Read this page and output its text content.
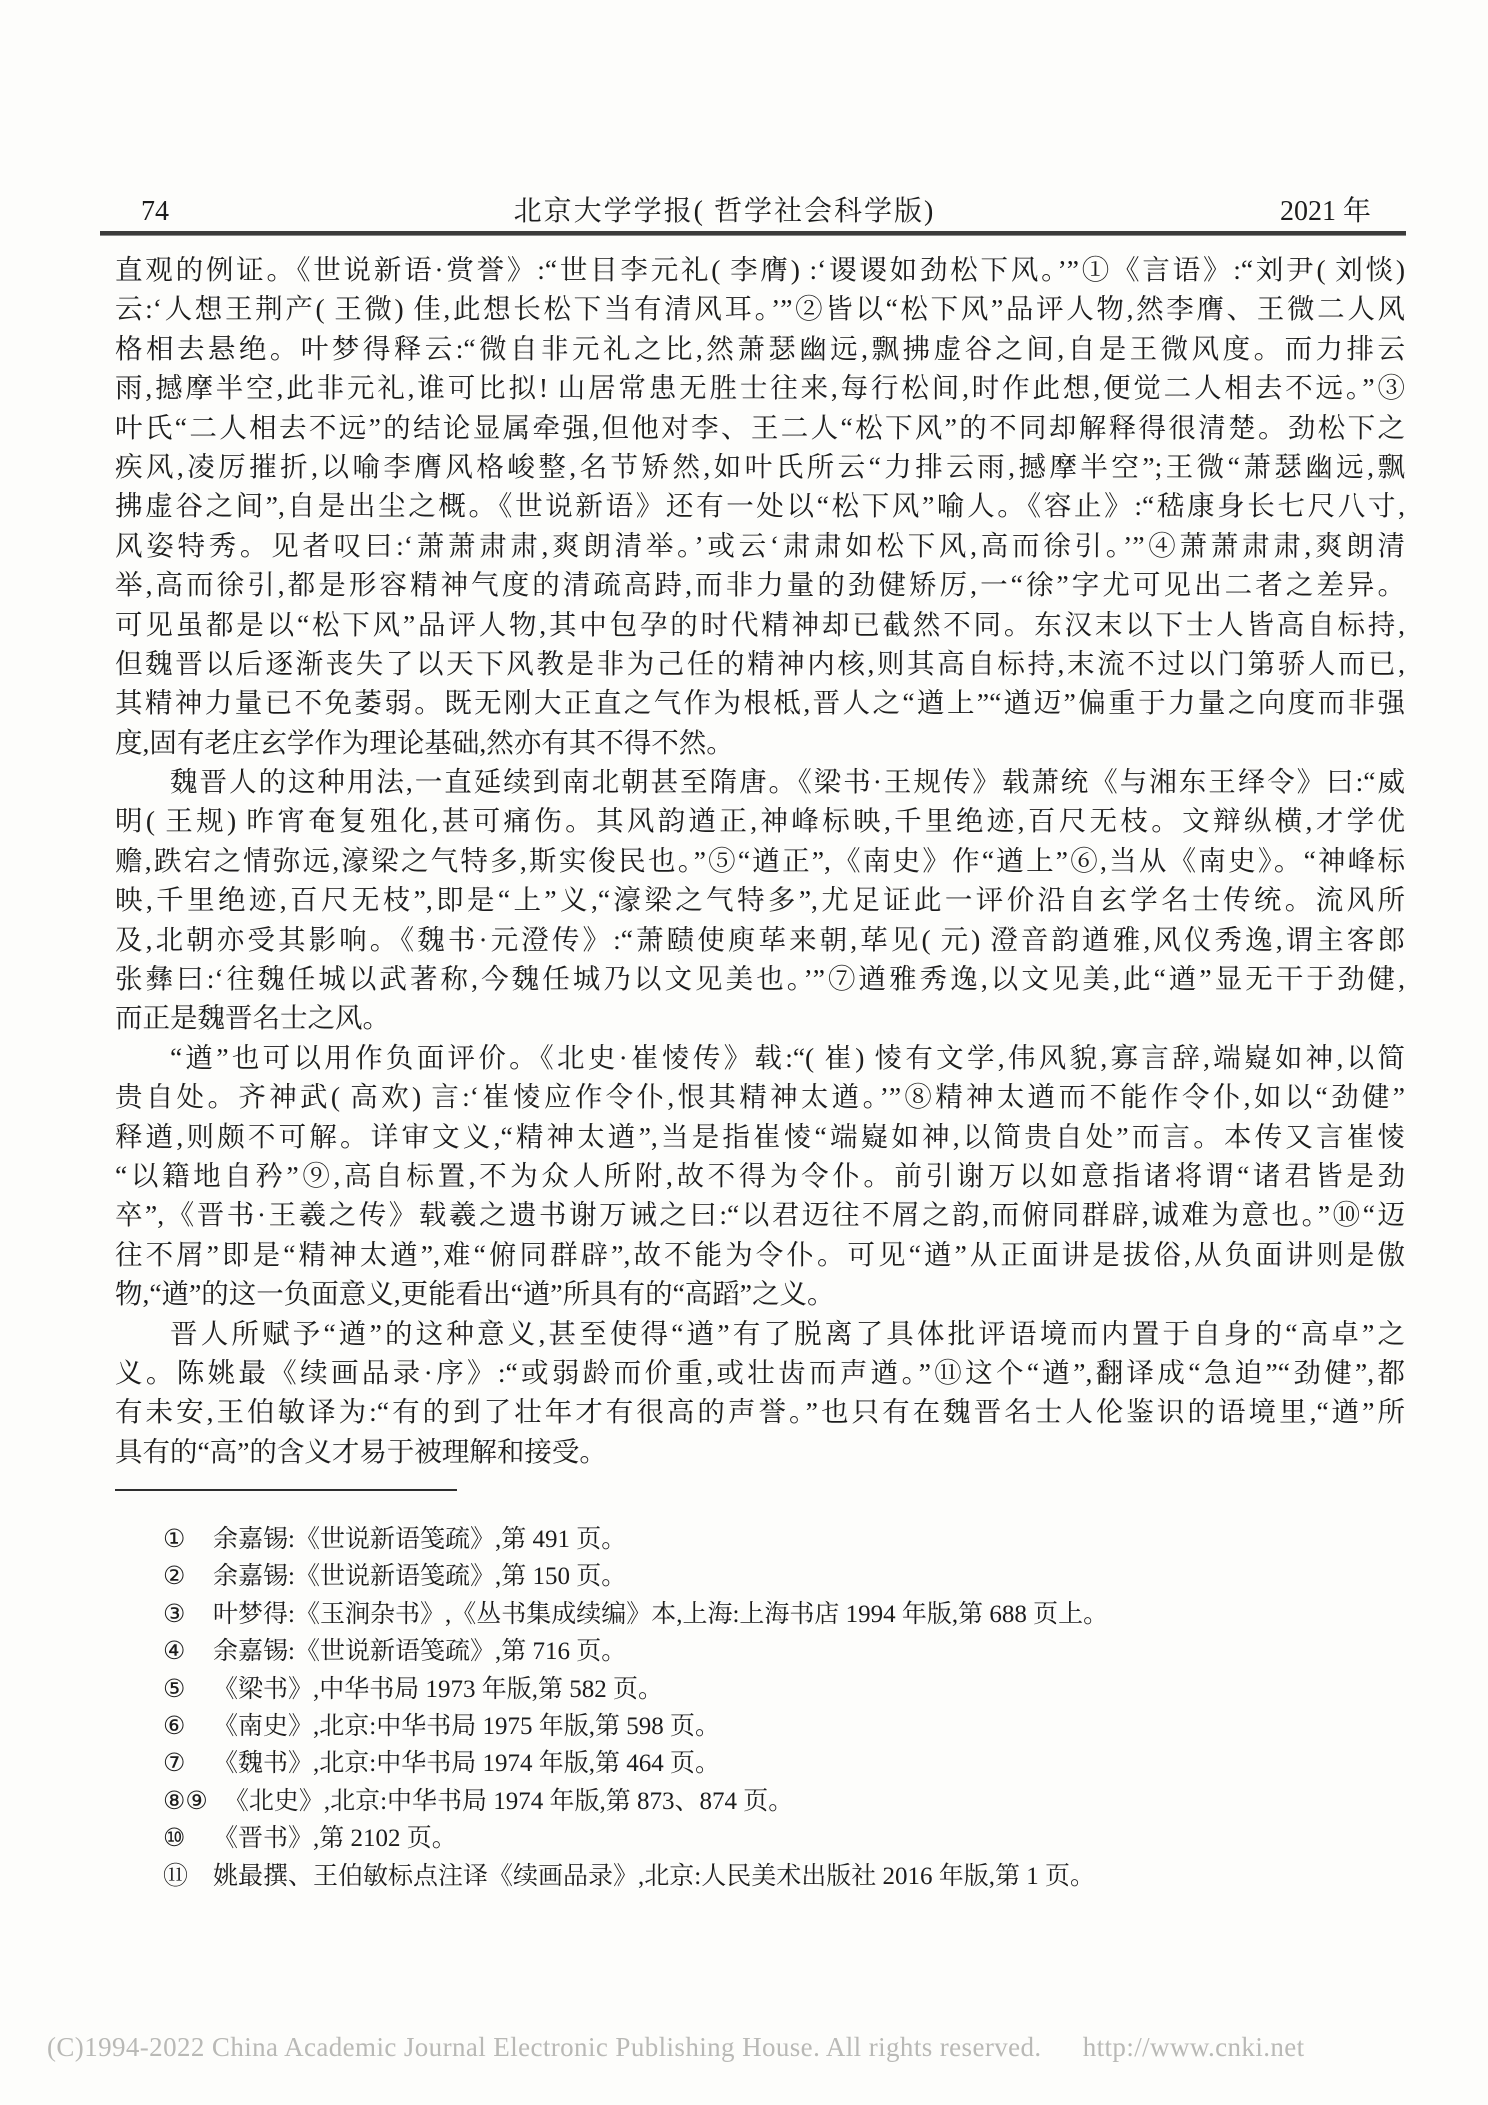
74	北京大学学报( 哲学社会科学版)	2021 年
直观的例证。《世说新语·赏誉》:“世目李元礼( 李膺) :‘谡谡如劲松下风。’”①《言语》:“刘尹( 刘惔)
云:‘人想王荆产( 王微) 佳,此想长松下当有清风耳。’”②皆以“松下风”品评人物,然李膺、王微二人风
格相去悬绝。叶梦得释云:“微自非元礼之比,然萧瑟幽远,飘拂虚谷之间,自是王微风度。而力排云
雨,撼摩半空,此非元礼,谁可比拟! 山居常患无胜士往来,每行松间,时作此想,便觉二人相去不远。”③
叶氏“二人相去不远”的结论显属牵强,但他对李、王二人“松下风”的不同却解释得很清楚。劲松下之
疾风,凌厉摧折,以喻李膺风格峻整,名节矫然,如叶氏所云“力排云雨,撼摩半空”;王微“萧瑟幽远,飘
拂虚谷之间”,自是出尘之概。《世说新语》还有一处以“松下风”喻人。《容止》:“嵇康身长七尺八寸,
风姿特秀。见者叹曰:‘萧萧肃肃,爽朗清举。’或云‘肃肃如松下风,高而徐引。’”④萧萧肃肃,爽朗清
举,高而徐引,都是形容精神气度的清疏高跱,而非力量的劲健矫厉,一“徐”字尤可见出二者之差异。
可见虽都是以“松下风”品评人物,其中包孕的时代精神却已截然不同。东汉末以下士人皆高自标持,
但魏晋以后逐渐丧失了以天下风教是非为己任的精神内核,则其高自标持,末流不过以门第骄人而已,
其精神力量已不免萎弱。既无刚大正直之气作为根柢,晋人之“遒上”“遒迈”偏重于力量之向度而非强
度,固有老庄玄学作为理论基础,然亦有其不得不然。
魏晋人的这种用法,一直延续到南北朝甚至隋唐。《梁书·王规传》载萧统《与湘东王绎令》曰:“威
明( 王规) 昨宵奄复殂化,甚可痛伤。其风韵遒正,神峰标映,千里绝迹,百尺无枝。文辩纵横,才学优
赡,跌宕之情弥远,濠梁之气特多,斯实俊民也。”⑤“遒正”,《南史》作“遒上”⑥,当从《南史》。“神峰标
映,千里绝迹,百尺无枝”,即是“上”义,“濠梁之气特多”,尤足证此一评价沿自玄学名士传统。流风所
及,北朝亦受其影响。《魏书·元澄传》:“萧赜使庾荜来朝,荜见( 元) 澄音韵遒雅,风仪秀逸,谓主客郎
张彝曰:‘往魏任城以武著称,今魏任城乃以文见美也。’”⑦遒雅秀逸,以文见美,此“遒”显无干于劲健,
而正是魏晋名士之风。
“遒”也可以用作负面评价。《北史·崔㥄传》载:“( 崔) 㥄有文学,伟风貌,寡言辞,端嶷如神,以简
贵自处。齐神武( 高欢) 言:‘崔㥄应作令仆,恨其精神太遒。’”⑧精神太遒而不能作令仆,如以“劲健”
释遒,则颇不可解。详审文义,“精神太遒”,当是指崔㥄“端嶷如神,以简贵自处”而言。本传又言崔㥄
“以籍地自矜”⑨,高自标置,不为众人所附,故不得为令仆。前引谢万以如意指诸将谓“诸君皆是劲
卒”,《晋书·王羲之传》载羲之遗书谢万诫之曰:“以君迈往不屑之韵,而俯同群辟,诚难为意也。”⑩“迈
往不屑”即是“精神太遒”,难“俯同群辟”,故不能为令仆。可见“遒”从正面讲是拔俗,从负面讲则是傲
物,“遒”的这一负面意义,更能看出“遒”所具有的“高蹈”之义。
晋人所赋予“遒”的这种意义,甚至使得“遒”有了脱离了具体批评语境而内置于自身的“高卓”之
义。陈姚最《续画品录·序》:“或弱龄而价重,或壮齿而声遒。”⑪这个“遒”,翻译成“急迫”“劲健”,都
有未安,王伯敏译为:“有的到了壮年才有很高的声誉。”也只有在魏晋名士人伦鉴识的语境里,“遒”所
具有的“高”的含义才易于被理解和接受。
①	余嘉锡:《世说新语笺疏》,第 491 页。
②	余嘉锡:《世说新语笺疏》,第 150 页。
③	叶梦得:《玉涧杂书》,《丛书集成续编》本,上海:上海书店 1994 年版,第 688 页上。
④	余嘉锡:《世说新语笺疏》,第 716 页。
⑤	《梁书》,中华书局 1973 年版,第 582 页。
⑥	《南史》,北京:中华书局 1975 年版,第 598 页。
⑦	《魏书》,北京:中华书局 1974 年版,第 464 页。
⑧⑨ 《北史》,北京:中华书局 1974 年版,第 873、874 页。
⑩	《晋书》,第 2102 页。
⑪ 姚最撰、王伯敏标点注译《续画品录》,北京:人民美术出版社 2016 年版,第 1 页。
(C)1994-2022 China Academic Journal Electronic Publishing House. All rights reserved. http://www.cnki.net
